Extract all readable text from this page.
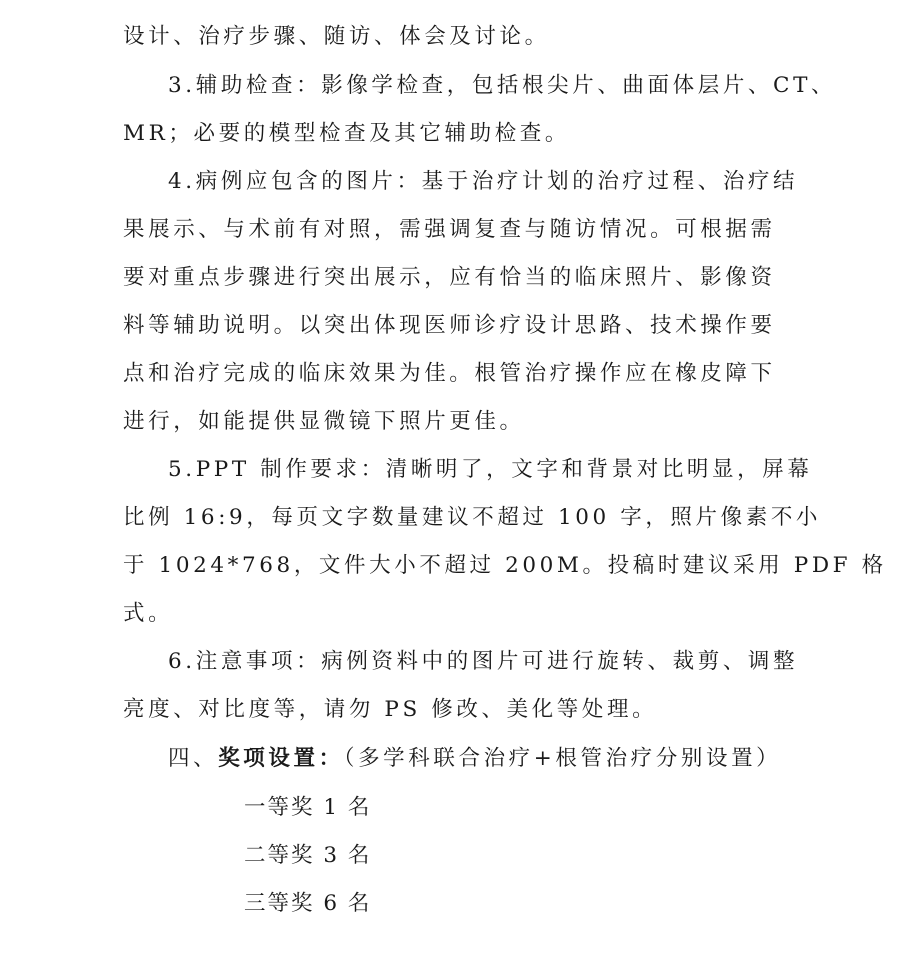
设计、治疗步骤、随访、体会及讨论。
3.辅助检查：影像学检查，包括根尖片、曲面体层片、CT、
MR；必要的模型检查及其它辅助检查。
4.病例应包含的图片：基于治疗计划的治疗过程、治疗结
果展示、与术前有对照，需强调复查与随访情况。可根据需
要对重点步骤进行突出展示，应有恰当的临床照片、影像资
料等辅助说明。以突出体现医师诊疗设计思路、技术操作要
点和治疗完成的临床效果为佳。根管治疗操作应在橡皮障下
进行，如能提供显微镜下照片更佳。
5.PPT 制作要求：清晰明了，文字和背景对比明显，屏幕
比例 16:9，每页文字数量建议不超过 100 字，照片像素不小
于 1024*768，文件大小不超过 200M。投稿时建议采用 PDF 格
式。
6.注意事项：病例资料中的图片可进行旋转、裁剪、调整
亮度、对比度等，请勿 PS 修改、美化等处理。
四、奖项设置：（多学科联合治疗+根管治疗分别设置）
一等奖 1 名
二等奖 3 名
三等奖 6 名
